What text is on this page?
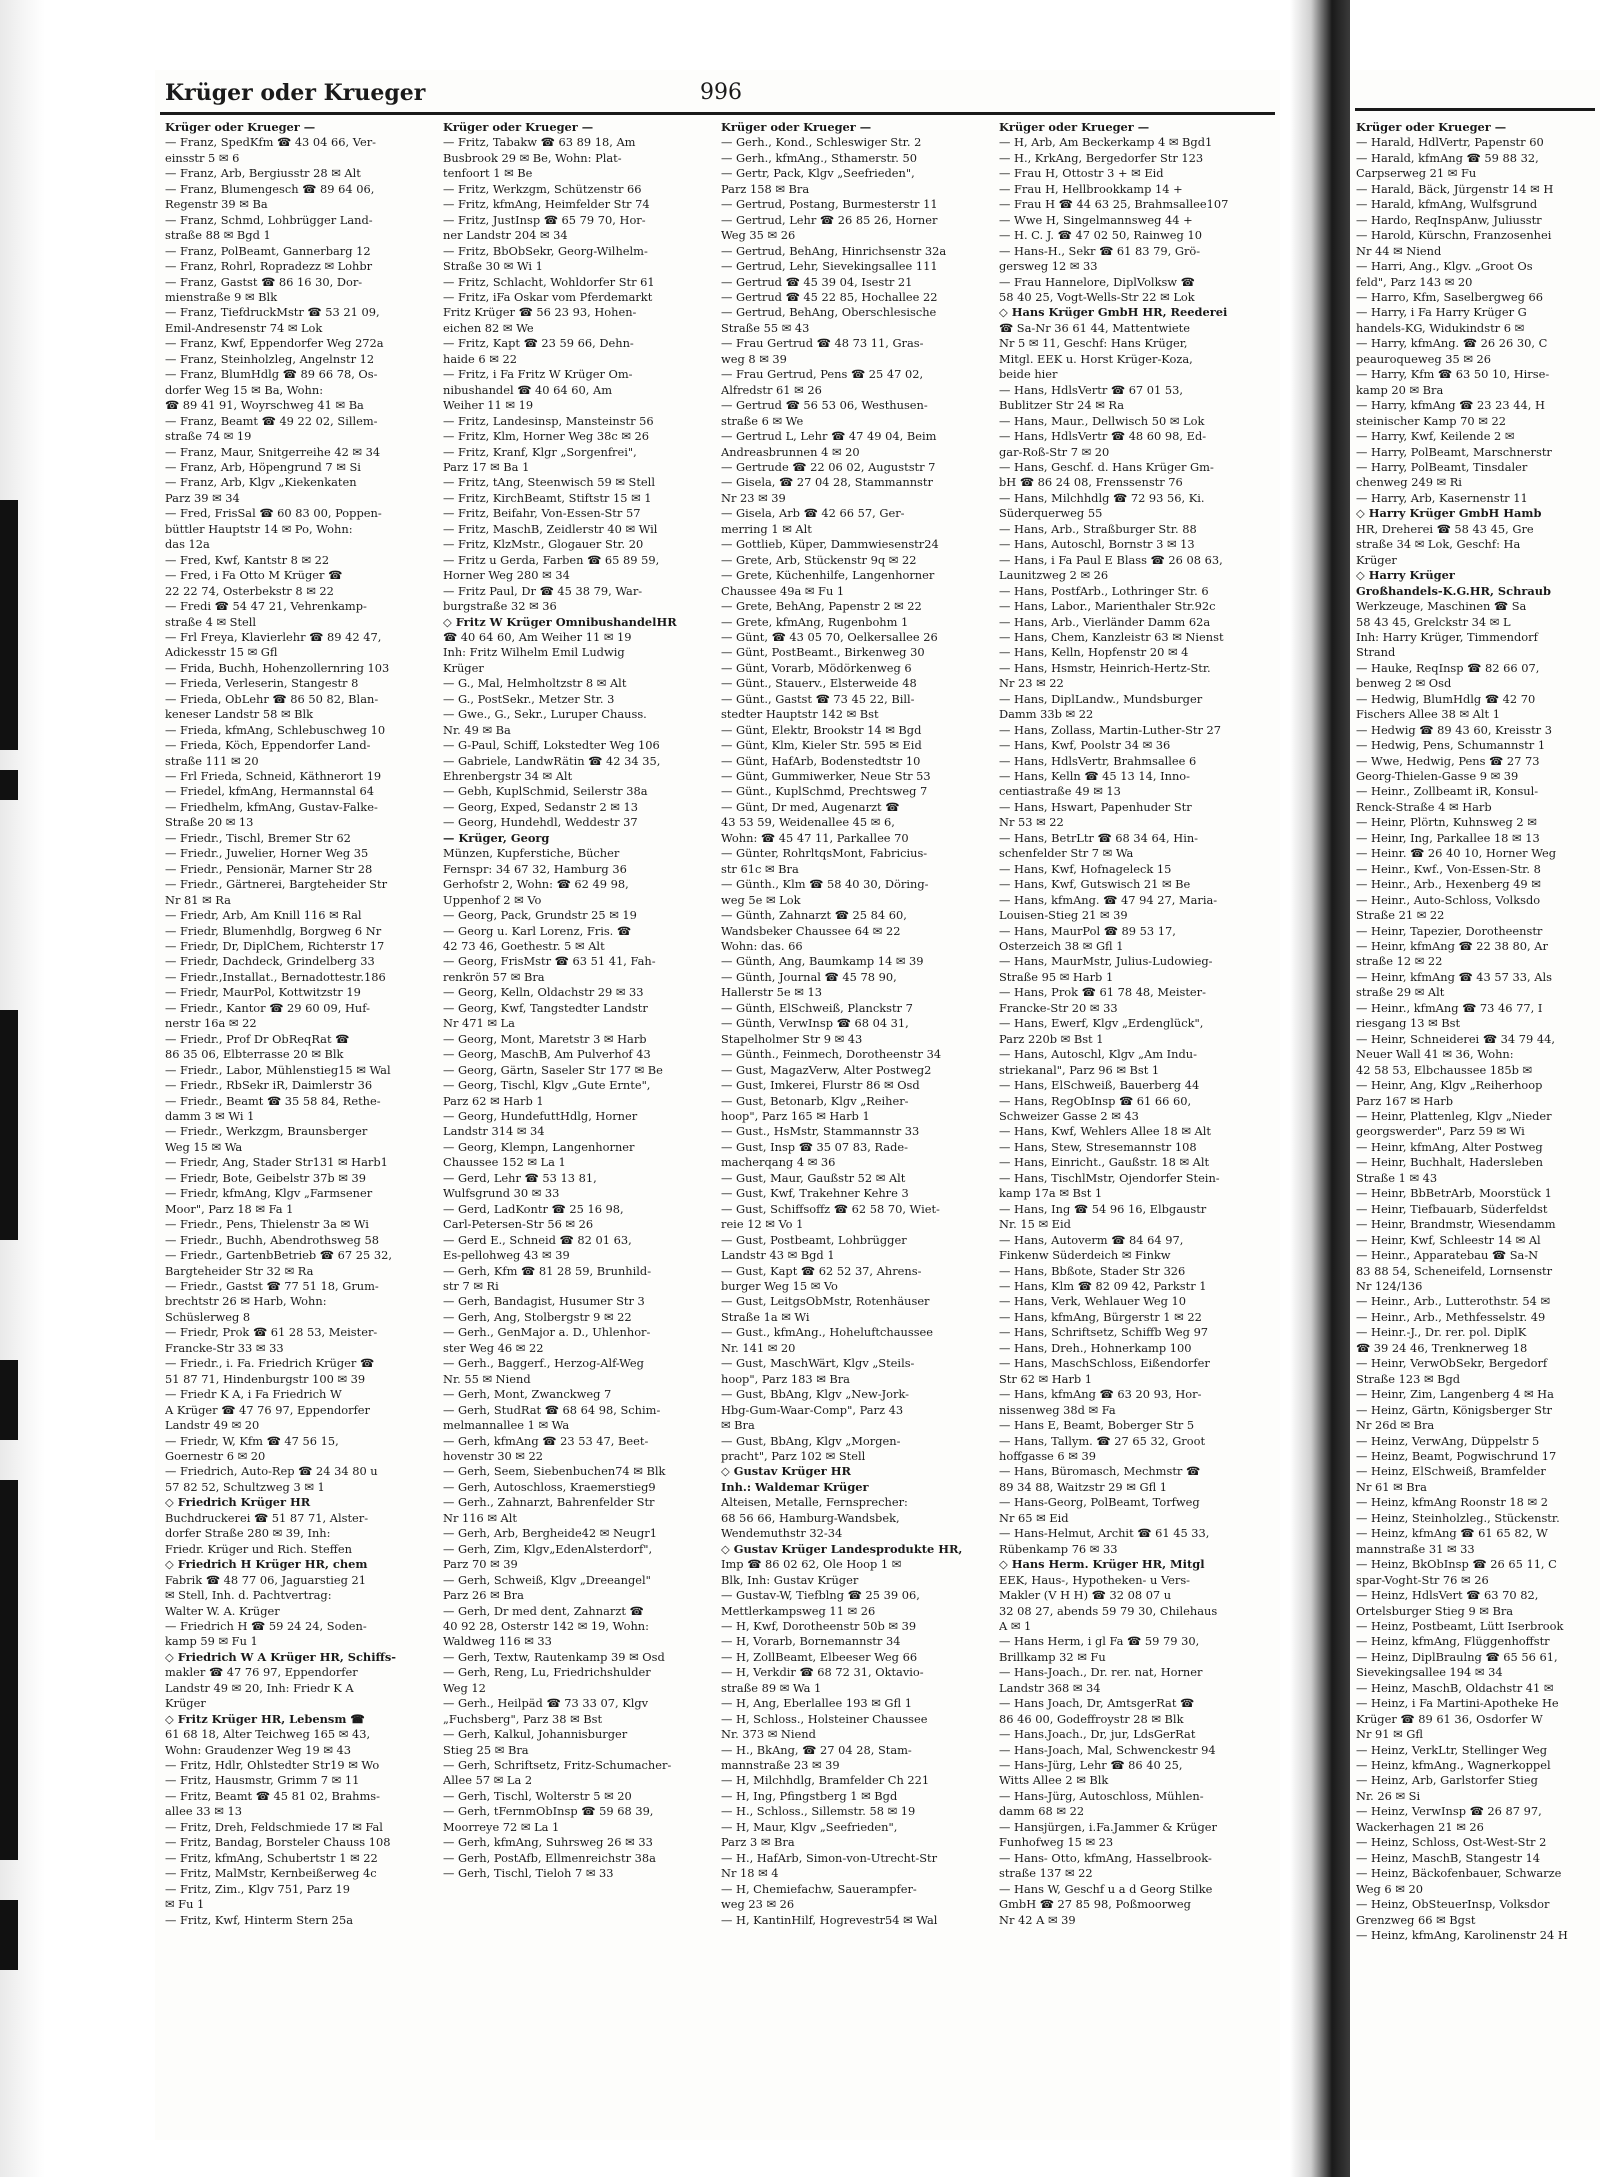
Krüger oder Krueger	996
Krüger oder Krueger —
— Franz, SpedKfm ☎ 43 04 66, Ver-
einsstr 5 ✉ 6
— Franz, Arb, Bergiusstr 28 ✉ Alt
— Franz, Blumengesch ☎ 89 64 06,
Regenstr 39 ✉ Ba
— Franz, Schmd, Lohbrügger Land-
straße 88 ✉ Bgd 1
— Franz, PolBeamt, Gannerbarg 12
— Franz, Rohrl, Ropradezz ✉ Lohbr
— Franz, Gastst ☎ 86 16 30, Dor-
mienstraße 9 ✉ Blk
— Franz, TiefdruckMstr ☎ 53 21 09,
Emil-Andresenstr 74 ✉ Lok
— Franz, Kwf, Eppendorfer Weg 272a
— Franz, Steinholzleg, Angelnstr 12
— Franz, BlumHdlg ☎ 89 66 78, Os-
dorfer Weg 15 ✉ Ba, Wohn:
☎ 89 41 91, Woyrschweg 41 ✉ Ba
— Franz, Beamt ☎ 49 22 02, Sillem-
straße 74 ✉ 19
— Franz, Maur, Snitgerreihe 42 ✉ 34
— Franz, Arb, Höpengrund 7 ✉ Si
— Franz, Arb, Klgv „Kiekenkaten
Parz 39 ✉ 34
— Fred, FrisSal ☎ 60 83 00, Poppen-
büttler Hauptstr 14 ✉ Po, Wohn:
das 12a
— Fred, Kwf, Kantstr 8 ✉ 22
— Fred, i Fa Otto M Krüger ☎
22 22 74, Osterbekstr 8 ✉ 22
— Fredi ☎ 54 47 21, Vehrenkamp-
straße 4 ✉ Stell
— Frl Freya, Klavierlehr ☎ 89 42 47,
Adickesstr 15 ✉ Gfl
— Frida, Buchh, Hohenzollernring 103
— Frieda, Verleserin, Stangestr 8
— Frieda, ObLehr ☎ 86 50 82, Blan-
keneser Landstr 58 ✉ Blk
— Frieda, kfmAng, Schlebuschweg 10
— Frieda, Köch, Eppendorfer Land-
straße 111 ✉ 20
— Frl Frieda, Schneid, Käthnerort 19
— Friedel, kfmAng, Hermannstal 64
— Friedhelm, kfmAng, Gustav-Falke-
Straße 20 ✉ 13
— Friedr., Tischl, Bremer Str 62
— Friedr., Juwelier, Horner Weg 35
— Friedr., Pensionär, Marner Str 28
— Friedr., Gärtnerei, Bargteheider Str
Nr 81 ✉ Ra
— Friedr, Arb, Am Knill 116 ✉ Ral
— Friedr, Blumenhdlg, Borgweg 6 Nr
— Friedr, Dr, DiplChem, Richterstr 17
— Friedr, Dachdeck, Grindelberg 33
— Friedr.,Installat., Bernadottestr.186
— Friedr, MaurPol, Kottwitzstr 19
— Friedr., Kantor ☎ 29 60 09, Huf-
nerstr 16a ✉ 22
— Friedr., Prof Dr ObReqRat ☎
86 35 06, Elbterrasse 20 ✉ Blk
— Friedr., Labor, Mühlenstieg15 ✉ Wal
— Friedr., RbSekr iR, Daimlerstr 36
— Friedr., Beamt ☎ 35 58 84, Rethe-
damm 3 ✉ Wi 1
— Friedr., Werkzgm, Braunsberger
Weg 15 ✉ Wa
— Friedr, Ang, Stader Str131 ✉ Harb1
— Friedr, Bote, Geibelstr 37b ✉ 39
— Friedr, kfmAng, Klgv „Farmsener
Moor", Parz 18 ✉ Fa 1
— Friedr., Pens, Thielenstr 3a ✉ Wi
— Friedr., Buchh, Abendrothsweg 58
— Friedr., GartenbBetrieb ☎ 67 25 32,
Bargteheider Str 32 ✉ Ra
— Friedr., Gastst ☎ 77 51 18, Grum-
brechtstr 26 ✉ Harb, Wohn:
Schüslerweg 8
— Friedr, Prok ☎ 61 28 53, Meister-
Francke-Str 33 ✉ 33
— Friedr., i. Fa. Friedrich Krüger ☎
51 87 71, Hindenburgstr 100 ✉ 39
— Friedr K A, i Fa Friedrich W
A Krüger ☎ 47 76 97, Eppendorfer
Landstr 49 ✉ 20
— Friedr, W, Kfm ☎ 47 56 15,
Goernestr 6 ✉ 20
— Friedrich, Auto-Rep ☎ 24 34 80 u
57 82 52, Schultzweg 3 ✉ 1
◇ Friedrich Krüger HR
Buchdruckerei ☎ 51 87 71, Alster-
dorfer Straße 280 ✉ 39, Inh:
Friedr. Krüger und Rich. Steffen
◇ Friedrich H Krüger HR, chem
Fabrik ☎ 48 77 06, Jaguarstieg 21
✉ Stell, Inh. d. Pachtvertrag:
Walter W. A. Krüger
— Friedrich H ☎ 59 24 24, Soden-
kamp 59 ✉ Fu 1
◇ Friedrich W A Krüger HR, Schiffs-
makler ☎ 47 76 97, Eppendorfer
Landstr 49 ✉ 20, Inh: Friedr K A
Krüger
◇ Fritz Krüger HR, Lebensm ☎
61 68 18, Alter Teichweg 165 ✉ 43,
Wohn: Graudenzer Weg 19 ✉ 43
— Fritz, Hdlr, Ohlstedter Str19 ✉ Wo
— Fritz, Hausmstr, Grimm 7 ✉ 11
— Fritz, Beamt ☎ 45 81 02, Brahms-
allee 33 ✉ 13
— Fritz, Dreh, Feldschmiede 17 ✉ Fal
— Fritz, Bandag, Borsteler Chauss 108
— Fritz, kfmAng, Schubertstr 1 ✉ 22
— Fritz, MalMstr, Kernbeißerweg 4c
— Fritz, Zim., Klgv 751, Parz 19
✉ Fu 1
— Fritz, Kwf, Hinterm Stern 25a
Krüger oder Krueger —
— Fritz, Tabakw ☎ 63 89 18, Am
Busbrook 29 ✉ Be, Wohn: Plat-
tenfoort 1 ✉ Be
— Fritz, Werkzgm, Schützenstr 66
— Fritz, kfmAng, Heimfelder Str 74
— Fritz, JustInsp ☎ 65 79 70, Hor-
ner Landstr 204 ✉ 34
— Fritz, BbObSekr, Georg-Wilhelm-
Straße 30 ✉ Wi 1
— Fritz, Schlacht, Wohldorfer Str 61
— Fritz, iFa Oskar vom Pferdemarkt
Fritz Krüger ☎ 56 23 93, Hohen-
eichen 82 ✉ We
— Fritz, Kapt ☎ 23 59 66, Dehn-
haide 6 ✉ 22
— Fritz, i Fa Fritz W Krüger Om-
nibushandel ☎ 40 64 60, Am
Weiher 11 ✉ 19
— Fritz, Landesinsp, Mansteinstr 56
— Fritz, Klm, Horner Weg 38c ✉ 26
— Fritz, Kranf, Klgr „Sorgenfrei",
Parz 17 ✉ Ba 1
— Fritz, tAng, Steenwisch 59 ✉ Stell
— Fritz, KirchBeamt, Stiftstr 15 ✉ 1
— Fritz, Beifahr, Von-Essen-Str 57
— Fritz, MaschB, Zeidlerstr 40 ✉ Wil
— Fritz, KlzMstr., Glogauer Str. 20
— Fritz u Gerda, Farben ☎ 65 89 59,
Horner Weg 280 ✉ 34
— Fritz Paul, Dr ☎ 45 38 79, War-
burgstraße 32 ✉ 36
◇ Fritz W Krüger OmnibushandelHR
☎ 40 64 60, Am Weiher 11 ✉ 19
Inh: Fritz Wilhelm Emil Ludwig
Krüger
— G., Mal, Helmholtzstr 8 ✉ Alt
— G., PostSekr., Metzer Str. 3
— Gwe., G., Sekr., Luruper Chauss.
Nr. 49 ✉ Ba
— G-Paul, Schiff, Lokstedter Weg 106
— Gabriele, LandwRätin ☎ 42 34 35,
Ehrenbergstr 34 ✉ Alt
— Gebh, KuplSchmid, Seilerstr 38a
— Georg, Exped, Sedanstr 2 ✉ 13
— Georg, Hundehdl, Weddestr 37
— Krüger, Georg
Münzen, Kupferstiche, Bücher
Fernspr: 34 67 32, Hamburg 36
Gerhofstr 2, Wohn: ☎ 62 49 98,
Uppenhof 2 ✉ Vo
— Georg, Pack, Grundstr 25 ✉ 19
— Georg u. Karl Lorenz, Fris. ☎
42 73 46, Goethestr. 5 ✉ Alt
— Georg, FrisMstr ☎ 63 51 41, Fah-
renkrön 57 ✉ Bra
— Georg, Kelln, Oldachstr 29 ✉ 33
— Georg, Kwf, Tangstedter Landstr
Nr 471 ✉ La
— Georg, Mont, Maretstr 3 ✉ Harb
— Georg, MaschB, Am Pulverhof 43
— Georg, Gärtn, Saseler Str 177 ✉ Be
— Georg, Tischl, Klgv „Gute Ernte",
Parz 62 ✉ Harb 1
— Georg, HundefuttHdlg, Horner
Landstr 314 ✉ 34
— Georg, Klempn, Langenhorner
Chaussee 152 ✉ La 1
— Gerd, Lehr ☎ 53 13 81,
Wulfsgrund 30 ✉ 33
— Gerd, LadKontr ☎ 25 16 98,
Carl-Petersen-Str 56 ✉ 26
— Gerd E., Schneid ☎ 82 01 63,
Es-pellohweg 43 ✉ 39
— Gerh, Kfm ☎ 81 28 59, Brunhild-
str 7 ✉ Ri
— Gerh, Bandagist, Husumer Str 3
— Gerh, Ang, Stolbergstr 9 ✉ 22
— Gerh., GenMajor a. D., Uhlenhor-
ster Weg 46 ✉ 22
— Gerh., Baggerf., Herzog-Alf-Weg
Nr. 55 ✉ Niend
— Gerh, Mont, Zwanckweg 7
— Gerh, StudRat ☎ 68 64 98, Schim-
melmannallee 1 ✉ Wa
— Gerh, kfmAng ☎ 23 53 47, Beet-
hovenstr 30 ✉ 22
— Gerh, Seem, Siebenbuchen74 ✉ Blk
— Gerh, Autoschloss, Kraemerstieg9
— Gerh., Zahnarzt, Bahrenfelder Str
Nr 116 ✉ Alt
— Gerh, Arb, Bergheide42 ✉ Neugr1
— Gerh, Zim, Klgv„EdenAlsterdorf",
Parz 70 ✉ 39
— Gerh, Schweiß, Klgv „Dreeangel"
Parz 26 ✉ Bra
— Gerh, Dr med dent, Zahnarzt ☎
40 92 28, Osterstr 142 ✉ 19, Wohn:
Waldweg 116 ✉ 33
— Gerh, Textw, Rautenkamp 39 ✉ Osd
— Gerh, Reng, Lu, Friedrichshulder
Weg 12
— Gerh., Heilpäd ☎ 73 33 07, Klgv
„Fuchsberg", Parz 38 ✉ Bst
— Gerh, Kalkul, Johannisburger
Stieg 25 ✉ Bra
— Gerh, Schriftsetz, Fritz-Schumacher-
Allee 57 ✉ La 2
— Gerh, Tischl, Wolterstr 5 ✉ 20
— Gerh, tFernmObInsp ☎ 59 68 39,
Moorreye 72 ✉ La 1
— Gerh, kfmAng, Suhrsweg 26 ✉ 33
— Gerh, PostAfb, Ellmenreichstr 38a
— Gerh, Tischl, Tieloh 7 ✉ 33
Krüger oder Krueger —
— Gerh., Kond., Schleswiger Str. 2
— Gerh., kfmAng., Sthamerstr. 50
— Gertr, Pack, Klgv „Seefrieden",
Parz 158 ✉ Bra
— Gertrud, Postang, Burmesterstr 11
— Gertrud, Lehr ☎ 26 85 26, Horner
Weg 35 ✉ 26
— Gertrud, BehAng, Hinrichsenstr 32a
— Gertrud, Lehr, Sievekingsallee 111
— Gertrud ☎ 45 39 04, Isestr 21
— Gertrud ☎ 45 22 85, Hochallee 22
— Gertrud, BehAng, Oberschlesische
Straße 55 ✉ 43
— Frau Gertrud ☎ 48 73 11, Gras-
weg 8 ✉ 39
— Frau Gertrud, Pens ☎ 25 47 02,
Alfredstr 61 ✉ 26
— Gertrud ☎ 56 53 06, Westhusen-
straße 6 ✉ We
— Gertrud L, Lehr ☎ 47 49 04, Beim
Andreasbrunnen 4 ✉ 20
— Gertrude ☎ 22 06 02, Auguststr 7
— Gisela, ☎ 27 04 28, Stammannstr
Nr 23 ✉ 39
— Gisela, Arb ☎ 42 66 57, Ger-
merring 1 ✉ Alt
— Gottlieb, Küper, Dammwiesenstr24
— Grete, Arb, Stückenstr 9q ✉ 22
— Grete, Küchenhilfe, Langenhorner
Chaussee 49a ✉ Fu 1
— Grete, BehAng, Papenstr 2 ✉ 22
— Grete, kfmAng, Rugenbohm 1
— Günt, ☎ 43 05 70, Oelkersallee 26
— Günt, PostBeamt., Birkenweg 30
— Günt, Vorarb, Mödörkenweg 6
— Günt., Stauerv., Elsterweide 48
— Günt., Gastst ☎ 73 45 22, Bill-
stedter Hauptstr 142 ✉ Bst
— Günt, Elektr, Brookstr 14 ✉ Bgd
— Günt, Klm, Kieler Str. 595 ✉ Eid
— Günt, HafArb, Bodenstedtstr 10
— Günt, Gummiwerker, Neue Str 53
— Günt., KuplSchmd, Prechtsweg 7
— Günt, Dr med, Augenarzt ☎
43 53 59, Weidenallee 45 ✉ 6,
Wohn: ☎ 45 47 11, Parkallee 70
— Günter, RohrltqsMont, Fabricius-
str 61c ✉ Bra
— Günth., Klm ☎ 58 40 30, Döring-
weg 5e ✉ Lok
— Günth, Zahnarzt ☎ 25 84 60,
Wandsbeker Chaussee 64 ✉ 22
Wohn: das. 66
— Günth, Ang, Baumkamp 14 ✉ 39
— Günth, Journal ☎ 45 78 90,
Hallerstr 5e ✉ 13
— Günth, ElSchweiß, Planckstr 7
— Günth, VerwInsp ☎ 68 04 31,
Stapelholmer Str 9 ✉ 43
— Günth., Feinmech, Dorotheenstr 34
— Gust, MagazVerw, Alter Postweg2
— Gust, Imkerei, Flurstr 86 ✉ Osd
— Gust, Betonarb, Klgv „Reiher-
hoop", Parz 165 ✉ Harb 1
— Gust., HsMstr, Stammannstr 33
— Gust, Insp ☎ 35 07 83, Rade-
macherqang 4 ✉ 36
— Gust, Maur, Gaußstr 52 ✉ Alt
— Gust, Kwf, Trakehner Kehre 3
— Gust, Schiffsoffz ☎ 62 58 70, Wiet-
reie 12 ✉ Vo 1
— Gust, Postbeamt, Lohbrügger
Landstr 43 ✉ Bgd 1
— Gust, Kapt ☎ 62 52 37, Ahrens-
burger Weg 15 ✉ Vo
— Gust, LeitgsObMstr, Rotenhäuser
Straße 1a ✉ Wi
— Gust., kfmAng., Hoheluftchaussee
Nr. 141 ✉ 20
— Gust, MaschWärt, Klgv „Steils-
hoop", Parz 183 ✉ Bra
— Gust, BbAng, Klgv „New-Jork-
Hbg-Gum-Waar-Comp", Parz 43
✉ Bra
— Gust, BbAng, Klgv „Morgen-
pracht", Parz 102 ✉ Stell
◇ Gustav Krüger HR
Inh.: Waldemar Krüger
Alteisen, Metalle, Fernsprecher:
68 56 66, Hamburg-Wandsbek,
Wendemuthstr 32-34
◇ Gustav Krüger Landesprodukte HR,
Imp ☎ 86 02 62, Ole Hoop 1 ✉
Blk, Inh: Gustav Krüger
— Gustav-W, Tiefblng ☎ 25 39 06,
Mettlerkampsweg 11 ✉ 26
— H, Kwf, Dorotheenstr 50b ✉ 39
— H, Vorarb, Bornemannstr 34
— H, ZollBeamt, Elbeeser Weg 66
— H, Verkdir ☎ 68 72 31, Oktavio-
straße 89 ✉ Wa 1
— H, Ang, Eberlallee 193 ✉ Gfl 1
— H, Schloss., Holsteiner Chaussee
Nr. 373 ✉ Niend
— H., BkAng, ☎ 27 04 28, Stam-
mannstraße 23 ✉ 39
— H, Milchhdlg, Bramfelder Ch 221
— H, Ing, Pfingstberg 1 ✉ Bgd
— H., Schloss., Sillemstr. 58 ✉ 19
— H, Maur, Klgv „Seefrieden",
Parz 3 ✉ Bra
— H., HafArb, Simon-von-Utrecht-Str
Nr 18 ✉ 4
— H, Chemiefachw, Sauerampfer-
weg 23 ✉ 26
— H, KantinHilf, Hogrevestr54 ✉ Wal
Krüger oder Krueger —
— H, Arb, Am Beckerkamp 4 ✉ Bgd1
— H., KrkAng, Bergedorfer Str 123
— Frau H, Ottostr 3 + ✉ Eid
— Frau H, Hellbrookkamp 14 +
— Frau H ☎ 44 63 25, Brahmsallee107
— Wwe H, Singelmannsweg 44 +
— H. C. J. ☎ 47 02 50, Rainweg 10
— Hans-H., Sekr ☎ 61 83 79, Grö-
gersweg 12 ✉ 33
— Frau Hannelore, DiplVolksw ☎
58 40 25, Vogt-Wells-Str 22 ✉ Lok
◇ Hans Krüger GmbH HR, Reederei
☎ Sa-Nr 36 61 44, Mattentwiete
Nr 5 ✉ 11, Geschf: Hans Krüger,
Mitgl. EEK u. Horst Krüger-Koza,
beide hier
— Hans, HdlsVertr ☎ 67 01 53,
Bublitzer Str 24 ✉ Ra
— Hans, Maur., Dellwisch 50 ✉ Lok
— Hans, HdlsVertr ☎ 48 60 98, Ed-
gar-Roß-Str 7 ✉ 20
— Hans, Geschf. d. Hans Krüger Gm-
bH ☎ 86 24 08, Frenssenstr 76
— Hans, Milchhdlg ☎ 72 93 56, Ki.
Süderquerweg 55
— Hans, Arb., Straßburger Str. 88
— Hans, Autoschl, Bornstr 3 ✉ 13
— Hans, i Fa Paul E Blass ☎ 26 08 63,
Launitzweg 2 ✉ 26
— Hans, PostfArb., Lothringer Str. 6
— Hans, Labor., Marienthaler Str.92c
— Hans, Arb., Vierländer Damm 62a
— Hans, Chem, Kanzleistr 63 ✉ Nienst
— Hans, Kelln, Hopfenstr 20 ✉ 4
— Hans, Hsmstr, Heinrich-Hertz-Str.
Nr 23 ✉ 22
— Hans, DiplLandw., Mundsburger
Damm 33b ✉ 22
— Hans, Zollass, Martin-Luther-Str 27
— Hans, Kwf, Poolstr 34 ✉ 36
— Hans, HdlsVertr, Brahmsallee 6
— Hans, Kelln ☎ 45 13 14, Inno-
centiastraße 49 ✉ 13
— Hans, Hswart, Papenhuder Str
Nr 53 ✉ 22
— Hans, BetrLtr ☎ 68 34 64, Hin-
schenfelder Str 7 ✉ Wa
— Hans, Kwf, Hofnageleck 15
— Hans, Kwf, Gutswisch 21 ✉ Be
— Hans, kfmAng. ☎ 47 94 27, Maria-
Louisen-Stieg 21 ✉ 39
— Hans, MaurPol ☎ 89 53 17,
Osterzeich 38 ✉ Gfl 1
— Hans, MaurMstr, Julius-Ludowieg-
Straße 95 ✉ Harb 1
— Hans, Prok ☎ 61 78 48, Meister-
Francke-Str 20 ✉ 33
— Hans, Ewerf, Klgv „Erdenglück",
Parz 220b ✉ Bst 1
— Hans, Autoschl, Klgv „Am Indu-
striekanal", Parz 96 ✉ Bst 1
— Hans, ElSchweiß, Bauerberg 44
— Hans, RegObInsp ☎ 61 66 60,
Schweizer Gasse 2 ✉ 43
— Hans, Kwf, Wehlers Allee 18 ✉ Alt
— Hans, Stew, Stresemannstr 108
— Hans, Einricht., Gaußstr. 18 ✉ Alt
— Hans, TischlMstr, Ojendorfer Stein-
kamp 17a ✉ Bst 1
— Hans, Ing ☎ 54 96 16, Elbgaustr
Nr. 15 ✉ Eid
— Hans, Autoverm ☎ 84 64 97,
Finkenw Süderdeich ✉ Finkw
— Hans, Bbßote, Stader Str 326
— Hans, Klm ☎ 82 09 42, Parkstr 1
— Hans, Verk, Wehlauer Weg 10
— Hans, kfmAng, Bürgerstr 1 ✉ 22
— Hans, Schriftsetz, Schiffb Weg 97
— Hans, Dreh., Hohnerkamp 100
— Hans, MaschSchloss, Eißendorfer
Str 62 ✉ Harb 1
— Hans, kfmAng ☎ 63 20 93, Hor-
nissenweg 38d ✉ Fa
— Hans E, Beamt, Boberger Str 5
— Hans, Tallym. ☎ 27 65 32, Groot
hoffgasse 6 ✉ 39
— Hans, Büromasch, Mechmstr ☎
89 34 88, Waitzstr 29 ✉ Gfl 1
— Hans-Georg, PolBeamt, Torfweg
Nr 65 ✉ Eid
— Hans-Helmut, Archit ☎ 61 45 33,
Rübenkamp 76 ✉ 33
◇ Hans Herm. Krüger HR, Mitgl
EEK, Haus-, Hypotheken- u Vers-
Makler (V H H) ☎ 32 08 07 u
32 08 27, abends 59 79 30, Chilehaus
A ✉ 1
— Hans Herm, i gl Fa ☎ 59 79 30,
Brillkamp 32 ✉ Fu
— Hans-Joach., Dr. rer. nat, Horner
Landstr 368 ✉ 34
— Hans Joach, Dr, AmtsgerRat ☎
86 46 00, Godeffroystr 28 ✉ Blk
— Hans.Joach., Dr, jur, LdsGerRat
— Hans-Joach, Mal, Schwenckestr 94
— Hans-Jürg, Lehr ☎ 86 40 25,
Witts Allee 2 ✉ Blk
— Hans-Jürg, Autoschloss, Mühlen-
damm 68 ✉ 22
— Hansjürgen, i.Fa.Jammer & Krüger
Funhofweg 15 ✉ 23
— Hans- Otto, kfmAng, Hasselbrook-
straße 137 ✉ 22
— Hans W, Geschf u a d Georg Stilke
GmbH ☎ 27 85 98, Poßmoorweg
Nr 42 A ✉ 39
Krüger oder Krueger —
— Harald, HdlVertr, Papenstr 60
— Harald, kfmAng ☎ 59 88 32,
Carpserweg 21 ✉ Fu
— Harald, Bäck, Jürgenstr 14 ✉ H
— Harald, kfmAng, Wulfsgrund
— Hardo, ReqInspAnw, Juliusstr
— Harold, Kürschn, Franzosenhei
Nr 44 ✉ Niend
— Harri, Ang., Klgv. „Groot Os
feld", Parz 143 ✉ 20
— Harro, Kfm, Saselbergweg 66
— Harry, i Fa Harry Krüger G
handels-KG, Widukindstr 6 ✉
— Harry, kfmAng. ☎ 26 26 30, C
peauroqueweg 35 ✉ 26
— Harry, Kfm ☎ 63 50 10, Hirse-
kamp 20 ✉ Bra
— Harry, kfmAng ☎ 23 23 44, H
steinischer Kamp 70 ✉ 22
— Harry, Kwf, Keilende 2 ✉
— Harry, PolBeamt, Marschnerstr
— Harry, PolBeamt, Tinsdaler
chenweg 249 ✉ Ri
— Harry, Arb, Kasernenstr 11
◇ Harry Krüger GmbH Hamb
HR, Dreherei ☎ 58 43 45, Gre
straße 34 ✉ Lok, Geschf: Ha
Krüger
◇ Harry Krüger
Großhandels-K.G.HR, Schraub
Werkzeuge, Maschinen ☎ Sa
58 43 45, Grelckstr 34 ✉ L
Inh: Harry Krüger, Timmendorf
Strand
— Hauke, ReqInsp ☎ 82 66 07,
benweg 2 ✉ Osd
— Hedwig, BlumHdlg ☎ 42 70
Fischers Allee 38 ✉ Alt 1
— Hedwig ☎ 89 43 60, Kreisstr 3
— Hedwig, Pens, Schumannstr 1
— Wwe, Hedwig, Pens ☎ 27 73
Georg-Thielen-Gasse 9 ✉ 39
— Heinr., Zollbeamt iR, Konsul-
Renck-Straße 4 ✉ Harb
— Heinr, Plörtn, Kuhnsweg 2 ✉
— Heinr, Ing, Parkallee 18 ✉ 13
— Heinr. ☎ 26 40 10, Horner Weg
— Heinr., Kwf., Von-Essen-Str. 8
— Heinr., Arb., Hexenberg 49 ✉
— Heinr., Auto-Schloss, Volksdo
Straße 21 ✉ 22
— Heinr, Tapezier, Dorotheenstr
— Heinr, kfmAng ☎ 22 38 80, Ar
straße 12 ✉ 22
— Heinr, kfmAng ☎ 43 57 33, Als
straße 29 ✉ Alt
— Heinr., kfmAng ☎ 73 46 77, I
riesgang 13 ✉ Bst
— Heinr, Schneiderei ☎ 34 79 44,
Neuer Wall 41 ✉ 36, Wohn:
42 58 53, Elbchaussee 185b ✉
— Heinr, Ang, Klgv „Reiherhoop
Parz 167 ✉ Harb
— Heinr, Plattenleg, Klgv „Nieder
georgswerder", Parz 59 ✉ Wi
— Heinr, kfmAng, Alter Postweg
— Heinr, Buchhalt, Hadersleben
Straße 1 ✉ 43
— Heinr, BbBetrArb, Moorstück 1
— Heinr, Tiefbauarb, Süderfeldst
— Heinr, Brandmstr, Wiesendamm
— Heinr, Kwf, Schleestr 14 ✉ Al
— Heinr., Apparatebau ☎ Sa-N
83 88 54, Scheneifeld, Lornsenstr
Nr 124/136
— Heinr., Arb., Lutterothstr. 54 ✉
— Heinr., Arb., Methfesselstr. 49
— Heinr.-J., Dr. rer. pol. DiplK
☎ 39 24 46, Trenknerweg 18
— Heinr, VerwObSekr, Bergedorf
Straße 123 ✉ Bgd
— Heinr, Zim, Langenberg 4 ✉ Ha
— Heinz, Gärtn, Königsberger Str
Nr 26d ✉ Bra
— Heinz, VerwAng, Düppelstr 5
— Heinz, Beamt, Pogwischrund 17
— Heinz, ElSchweiß, Bramfelder
Nr 61 ✉ Bra
— Heinz, kfmAng Roonstr 18 ✉ 2
— Heinz, Steinholzleg., Stückenstr.
— Heinz, kfmAng ☎ 61 65 82, W
mannstraße 31 ✉ 33
— Heinz, BkObInsp ☎ 26 65 11, C
spar-Voght-Str 76 ✉ 26
— Heinz, HdlsVert ☎ 63 70 82,
Ortelsburger Stieg 9 ✉ Bra
— Heinz, Postbeamt, Lütt Iserbrook
— Heinz, kfmAng, Flüggenhoffstr
— Heinz, DiplBraulng ☎ 65 56 61,
Sievekingsallee 194 ✉ 34
— Heinz, MaschB, Oldachstr 41 ✉
— Heinz, i Fa Martini-Apotheke He
Krüger ☎ 89 61 36, Osdorfer W
Nr 91 ✉ Gfl
— Heinz, VerkLtr, Stellinger Weg
— Heinz, kfmAng., Wagnerkoppel
— Heinz, Arb, Garlstorfer Stieg
Nr. 26 ✉ Si
— Heinz, VerwInsp ☎ 26 87 97,
Wackerhagen 21 ✉ 26
— Heinz, Schloss, Ost-West-Str 2
— Heinz, MaschB, Stangestr 14
— Heinz, Bäckofenbauer, Schwarze
Weg 6 ✉ 20
— Heinz, ObSteuerInsp, Volksdor
Grenzweg 66 ✉ Bgst
— Heinz, kfmAng, Karolinenstr 24 H
